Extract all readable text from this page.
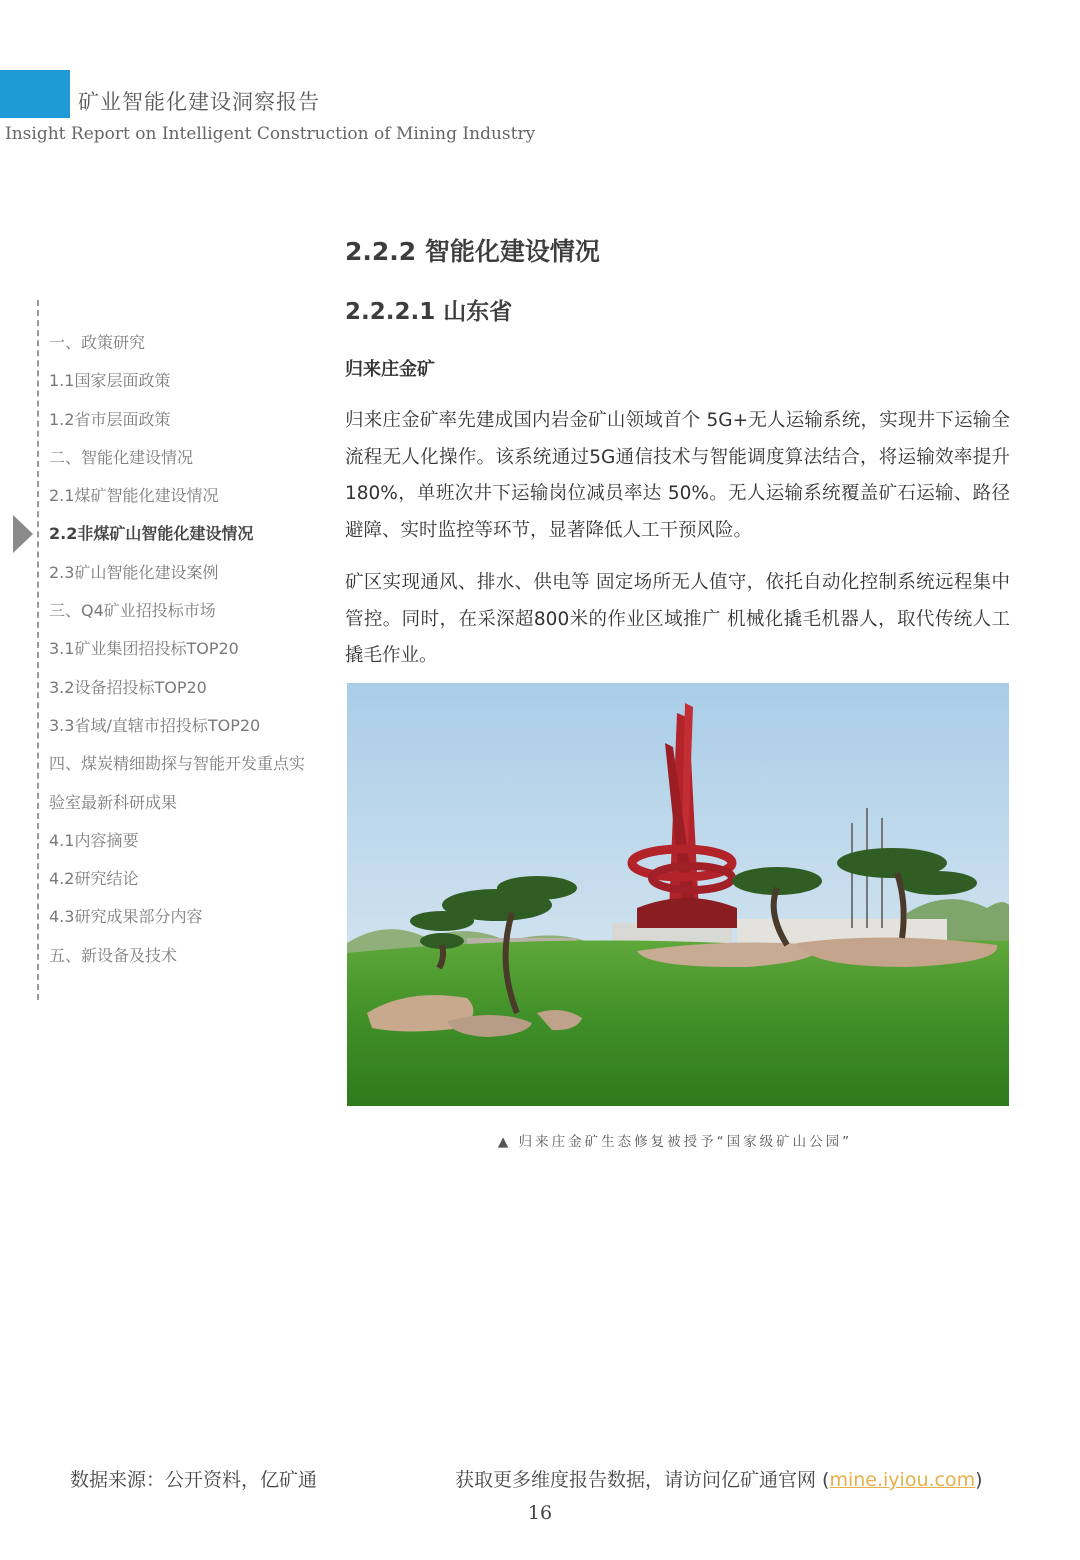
矿业智能化建设洞察报告
Insight Report on Intelligent Construction of Mining Industry
一、政策研究
1.1国家层面政策
1.2省市层面政策
二、智能化建设情况
2.1煤矿智能化建设情况
2.2非煤矿山智能化建设情况
2.3矿山智能化建设案例
三、Q4矿业招投标市场
3.1矿业集团招投标TOP20
3.2设备招投标TOP20
3.3省域/直辖市招投标TOP20
四、煤炭精细勘探与智能开发重点实
验室最新科研成果
4.1内容摘要
4.2研究结论
4.3研究成果部分内容
五、新设备及技术
2.2.2 智能化建设情况
2.2.2.1 山东省
归来庄金矿

归来庄金矿率先建成国内岩金矿山领域首个 5G+无人运输系统，实现井下运输全流程无人化操作。该系统通过5G通信技术与智能调度算法结合，将运输效率提升 180%，单班次井下运输岗位减员率达 50%。无人运输系统覆盖矿石运输、路径避障、实时监控等环节，显著降低人工干预风险。

矿区实现通风、排水、供电等 固定场所无人值守，依托自动化控制系统远程集中管控。同时，在采深超800米的作业区域推广 机械化撬毛机器人，取代传统人工撬毛作业。

▲ 归来庄金矿生态修复被授予“国家级矿山公园”
数据来源：公开资料，亿矿通	获取更多维度报告数据，请访问亿矿通官网 (mine.iyiou.com)
16
